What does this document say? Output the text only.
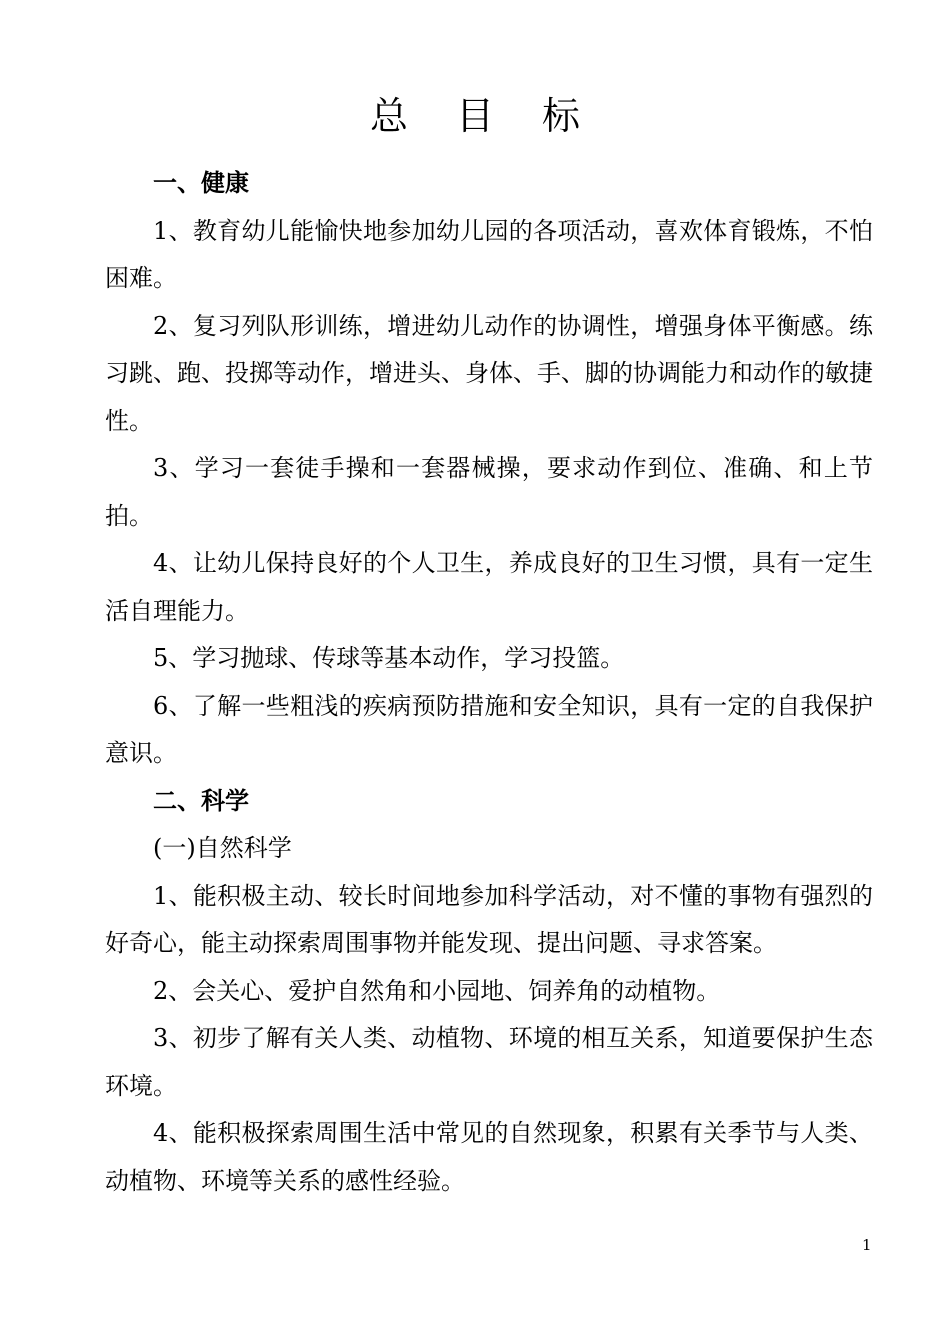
总 目 标

一、健康

1、教育幼儿能愉快地参加幼儿园的各项活动，喜欢体育锻炼，不怕困难。

2、复习列队形训练，增进幼儿动作的协调性，增强身体平衡感。练习跳、跑、投掷等动作，增进头、身体、手、脚的协调能力和动作的敏捷性。

3、学习一套徒手操和一套器械操，要求动作到位、准确、和上节拍。

4、让幼儿保持良好的个人卫生，养成良好的卫生习惯，具有一定生活自理能力。

5、学习抛球、传球等基本动作，学习投篮。

6、了解一些粗浅的疾病预防措施和安全知识，具有一定的自我保护意识。

二、科学

(一)自然科学

1、能积极主动、较长时间地参加科学活动，对不懂的事物有强烈的好奇心，能主动探索周围事物并能发现、提出问题、寻求答案。

2、会关心、爱护自然角和小园地、饲养角的动植物。

3、初步了解有关人类、动植物、环境的相互关系，知道要保护生态环境。

4、能积极探索周围生活中常见的自然现象，积累有关季节与人类、动植物、环境等关系的感性经验。

1
